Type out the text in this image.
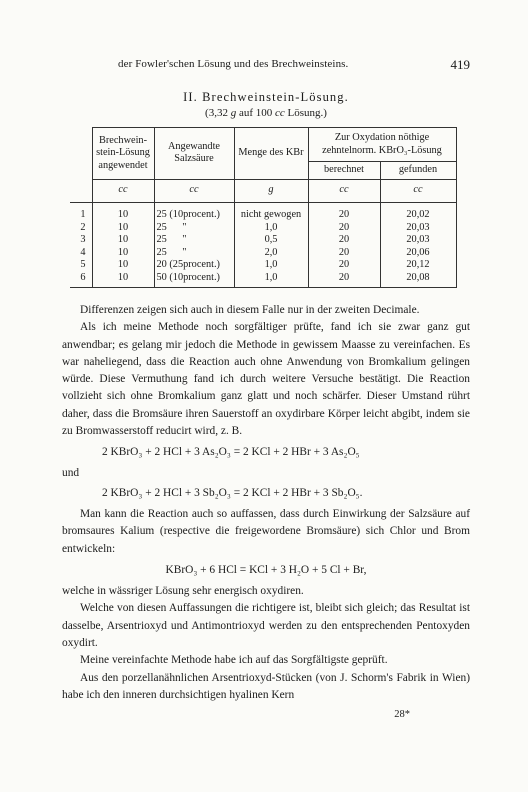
der Fowler'schen Lösung und des Brechweinsteins.	419
II. Brechweinstein-Lösung.
(3,32 g auf 100 cc Lösung.)
	Brechwein- stein-Lösung angewendet	Angewandte Salzsäure	Menge des KBr	Zur Oxydation nöthige zehntelnorm. KBrO₃-Lösung	
				berechnet	gefunden
	cc	cc	g	cc	cc

1	10	25 (10procent.)	nicht gewogen	20	20,02
2	10	25      "	1,0	20	20,03
3	10	25      "	0,5	20	20,03
4	10	25      "	2,0	20	20,06
5	10	20 (25procent.)	1,0	20	20,12
6	10	50 (10procent.)	1,0	20	20,08

Differenzen zeigen sich auch in diesem Falle nur in der zweiten Decimale.

Als ich meine Methode noch sorgfältiger prüfte, fand ich sie zwar ganz gut anwendbar; es gelang mir jedoch die Methode in gewissem Maasse zu vereinfachen. Es war naheliegend, dass die Reaction auch ohne Anwendung von Bromkalium gelingen würde. Diese Vermuthung fand ich durch weitere Versuche bestätigt. Die Reaction vollzieht sich ohne Bromkalium ganz glatt und noch schärfer. Dieser Umstand rührt daher, dass die Bromsäure ihren Sauerstoff an oxydirbare Körper leicht abgibt, indem sie zu Bromwasserstoff reducirt wird, z. B.

2 KBrO₃ + 2 HCl + 3 As₂O₃ = 2 KCl + 2 HBr + 3 As₂O₅
und
2 KBrO₃ + 2 HCl + 3 Sb₂O₃ = 2 KCl + 2 HBr + 3 Sb₂O₅.

Man kann die Reaction auch so auffassen, dass durch Einwirkung der Salzsäure auf bromsaures Kalium (respective die freigewordene Bromsäure) sich Chlor und Brom entwickeln:

KBrO₃ + 6 HCl = KCl + 3 H₂O + 5 Cl + Br,

welche in wässriger Lösung sehr energisch oxydiren.

Welche von diesen Auffassungen die richtigere ist, bleibt sich gleich; das Resultat ist dasselbe, Arsentrioxyd und Antimontrioxyd werden zu den entsprechenden Pentoxyden oxydirt.

Meine vereinfachte Methode habe ich auf das Sorgfältigste geprüft.

Aus den porzellanähnlichen Arsentrioxyd-Stücken (von J. Schorm's Fabrik in Wien) habe ich den inneren durchsichtigen hyalinen Kern

28*
